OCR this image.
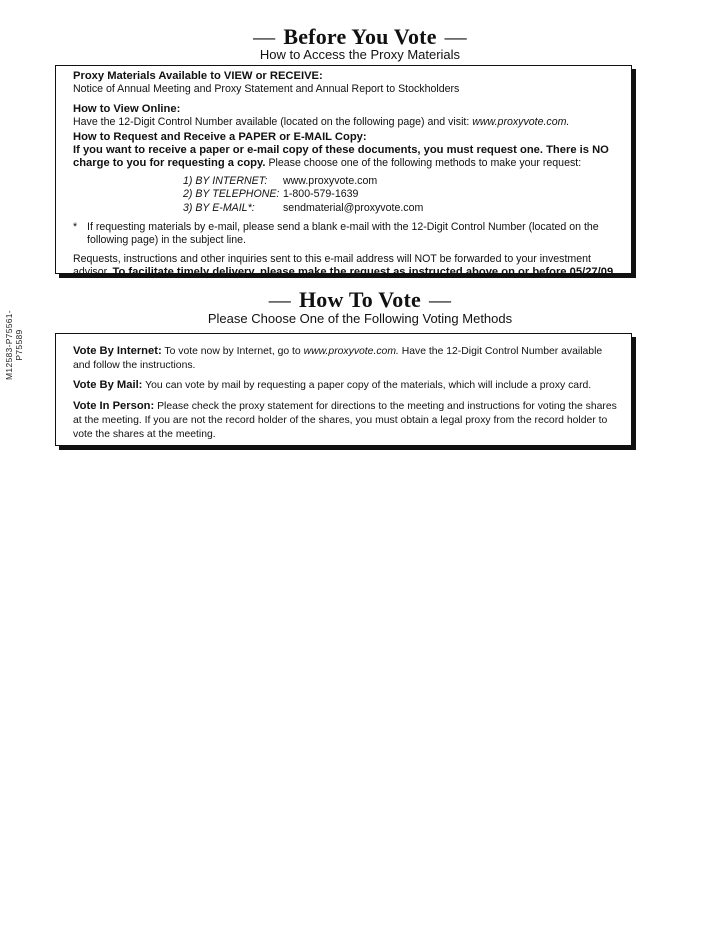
— Before You Vote —
How to Access the Proxy Materials

Proxy Materials Available to VIEW or RECEIVE:

Notice of Annual Meeting and Proxy Statement and Annual Report to Stockholders

How to View Online:

Have the 12-Digit Control Number available (located on the following page) and visit: www.proxyvote.com.

How to Request and Receive a PAPER or E-MAIL Copy:

If you want to receive a paper or e-mail copy of these documents, you must request one. There is NO charge to you for requesting a copy. Please choose one of the following methods to make your request:

1) BY INTERNET:	www.proxyvote.com
2) BY TELEPHONE: 1-800-579-1639
3) BY E-MAIL*:	sendmaterial@proxyvote.com
* If requesting materials by e-mail, please send a blank e-mail with the 12-Digit Control Number (located on the following page) in the subject line.

Requests, instructions and other inquiries sent to this e-mail address will NOT be forwarded to your investment advisor. To facilitate timely delivery, please make the request as instructed above on or before 05/27/09.

— How To Vote —
Please Choose One of the Following Voting Methods

Vote By Internet: To vote now by Internet, go to www.proxyvote.com. Have the 12-Digit Control Number available and follow the instructions.

Vote By Mail: You can vote by mail by requesting a paper copy of the materials, which will include a proxy card.

Vote In Person: Please check the proxy statement for directions to the meeting and instructions for voting the shares at the meeting. If you are not the record holder of the shares, you must obtain a legal proxy from the record holder to vote the shares at the meeting.

M12583-P75561-P75589
